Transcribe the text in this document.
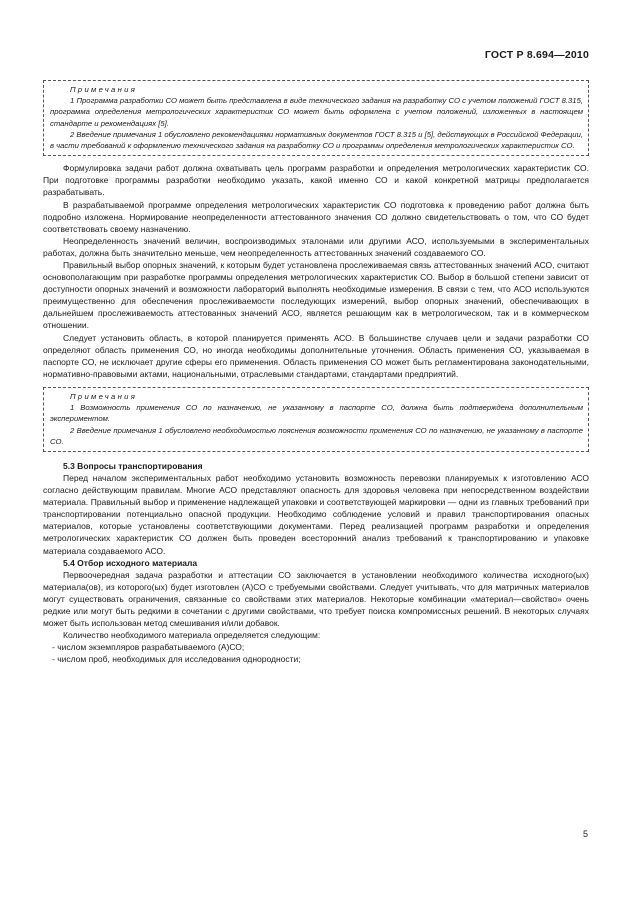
ГОСТ Р 8.694—2010

Примечания

1 Программа разработки СО может быть представлена в виде технического задания на разработку СО с учетом положений ГОСТ 8.315, программа определения метрологических характеристик СО может быть оформлена с учетом положений, изложенных в настоящем стандарте и рекомендациях [5].

2 Введение примечания 1 обусловлено рекомендациями нормативных документов ГОСТ 8.315 и [5], действующих в Российской Федерации, в части требований к оформлению технического задания на разработку СО и программы определения метрологических характеристик СО.

Формулировка задачи работ должна охватывать цель программ разработки и определения метрологических характеристик СО. При подготовке программы разработки необходимо указать, какой именно СО и какой конкретной матрицы предполагается разрабатывать.

В разрабатываемой программе определения метрологических характеристик СО подготовка к проведению работ должна быть подробно изложена. Нормирование неопределенности аттестованного значения СО должно свидетельствовать о том, что СО будет соответствовать своему назначению.

Неопределенность значений величин, воспроизводимых эталонами или другими АСО, используемыми в экспериментальных работах, должна быть значительно меньше, чем неопределенность аттестованных значений создаваемого СО.

Правильный выбор опорных значений, к которым будет установлена прослеживаемая связь аттестованных значений АСО, считают основополагающим при разработке программы определения метрологических характеристик СО. Выбор в большой степени зависит от доступности опорных значений и возможности лабораторий выполнять необходимые измерения. В связи с тем, что АСО используются преимущественно для обеспечения прослеживаемости последующих измерений, выбор опорных значений, обеспечивающих в дальнейшем прослеживаемость аттестованных значений АСО, является решающим как в метрологическом, так и в коммерческом отношении.

Следует установить область, в которой планируется применять АСО. В большинстве случаев цели и задачи разработки СО определяют область применения СО, но иногда необходимы дополнительные уточнения. Область применения СО, указываемая в паспорте СО, не исключает другие сферы его применения. Область применения СО может быть регламентирована законодательными, нормативно-правовыми актами, национальными, отраслевыми стандартами, стандартами предприятий.

Примечания

1 Возможность применения СО по назначению, не указанному в паспорте СО, должна быть подтверждена дополнительным экспериментом.

2 Введение примечания 1 обусловлено необходимостью пояснения возможности применения СО по назначению, не указанному в паспорте СО.

5.3 Вопросы транспортирования

Перед началом экспериментальных работ необходимо установить возможность перевозки планируемых к изготовлению АСО согласно действующим правилам. Многие АСО представляют опасность для здоровья человека при непосредственном воздействии материала. Правильный выбор и применение надлежащей упаковки и соответствующей маркировки — одни из главных требований при транспортировании потенциально опасной продукции. Необходимо соблюдение условий и правил транспортирования опасных материалов, которые установлены соответствующими документами. Перед реализацией программ разработки и определения метрологических характеристик СО должен быть проведен всесторонний анализ требований к транспортированию и упаковке материала создаваемого АСО.

5.4 Отбор исходного материала

Первоочередная задача разработки и аттестации СО заключается в установлении необходимого количества исходного(ых) материала(ов), из которого(ых) будет изготовлен (А)СО с требуемыми свойствами. Следует учитывать, что для матричных материалов могут существовать ограничения, связанные со свойствами этих материалов. Некоторые комбинации «материал—свойство» очень редкие или могут быть редкими в сочетании с другими свойствами, что требует поиска компромиссных решений. В некоторых случаях может быть использован метод смешивания и/или добавок.

Количество необходимого материала определяется следующим:

- числом экземпляров разрабатываемого (А)СО;

- числом проб, необходимых для исследования однородности;

5
